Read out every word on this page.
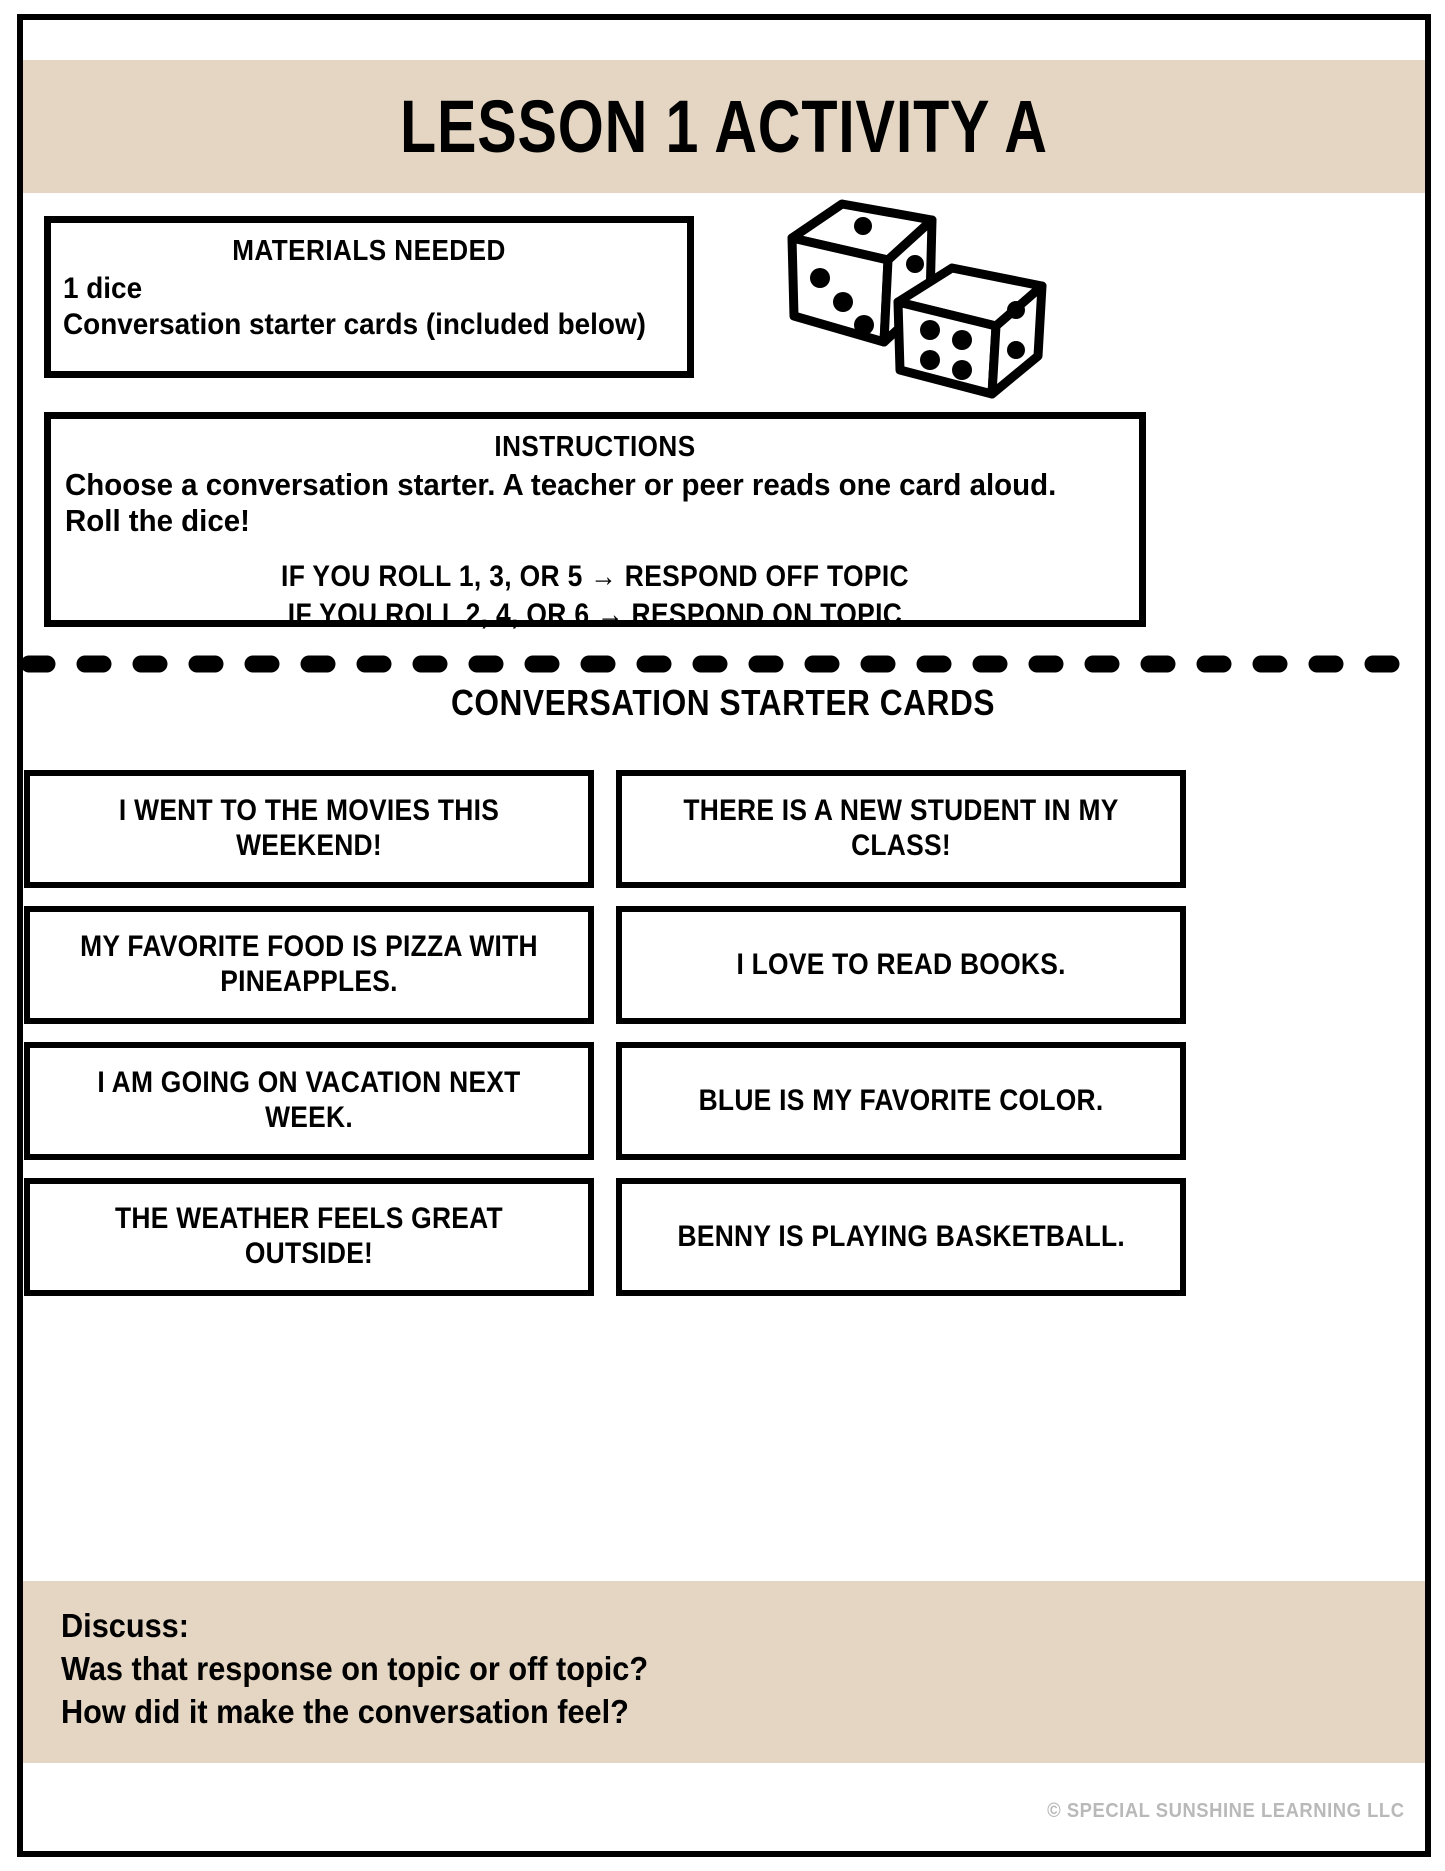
LESSON 1 ACTIVITY A
MATERIALS NEEDED
1 dice
Conversation starter cards (included below)
INSTRUCTIONS
Choose a conversation starter. A teacher or peer reads one card aloud. Roll the dice!
IF YOU ROLL 1, 3, OR 5 → RESPOND OFF TOPIC
IF YOU ROLL 2, 4, OR 6 → RESPOND ON TOPIC
CONVERSATION STARTER CARDS
I WENT TO THE MOVIES THIS WEEKEND!
THERE IS A NEW STUDENT IN MY CLASS!
MY FAVORITE FOOD IS PIZZA WITH PINEAPPLES.
I LOVE TO READ BOOKS.
I AM GOING ON VACATION NEXT WEEK.
BLUE IS MY FAVORITE COLOR.
THE WEATHER FEELS GREAT OUTSIDE!
BENNY IS PLAYING BASKETBALL.
Discuss:
Was that response on topic or off topic?
How did it make the conversation feel?
© SPECIAL SUNSHINE LEARNING LLC
